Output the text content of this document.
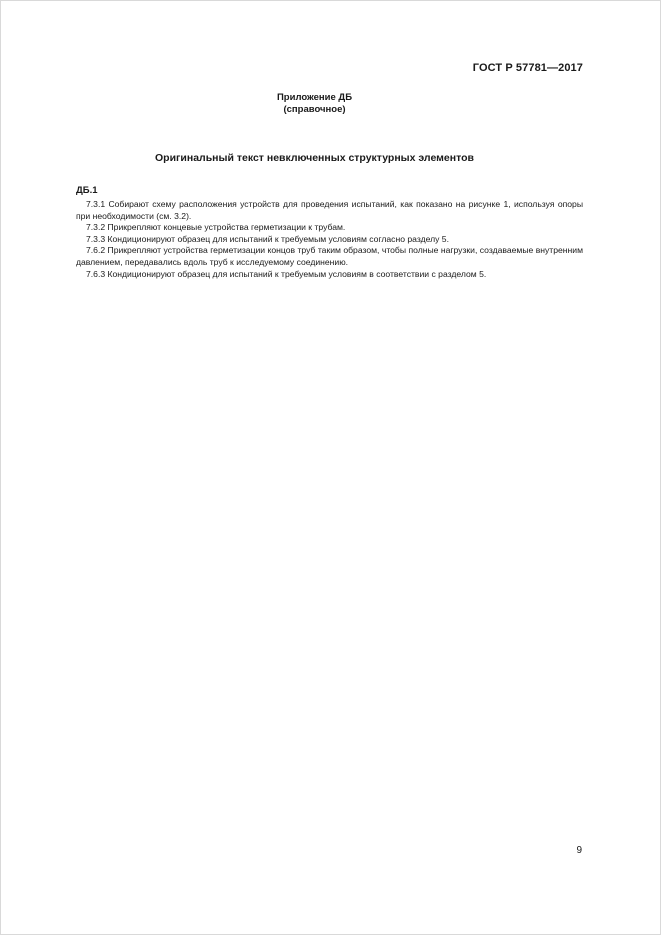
ГОСТ Р 57781—2017
Приложение ДБ
(справочное)
Оригинальный текст невключенных структурных элементов
ДБ.1

7.3.1 Собирают схему расположения устройств для проведения испытаний, как показано на рисунке 1, используя опоры при необходимости (см. 3.2).

7.3.2 Прикрепляют концевые устройства герметизации к трубам.

7.3.3 Кондиционируют образец для испытаний к требуемым условиям согласно разделу 5.

7.6.2 Прикрепляют устройства герметизации концов труб таким образом, чтобы полные нагрузки, создаваемые внутренним давлением, передавались вдоль труб к исследуемому соединению.

7.6.3 Кондиционируют образец для испытаний к требуемым условиям в соответствии с разделом 5.

9
